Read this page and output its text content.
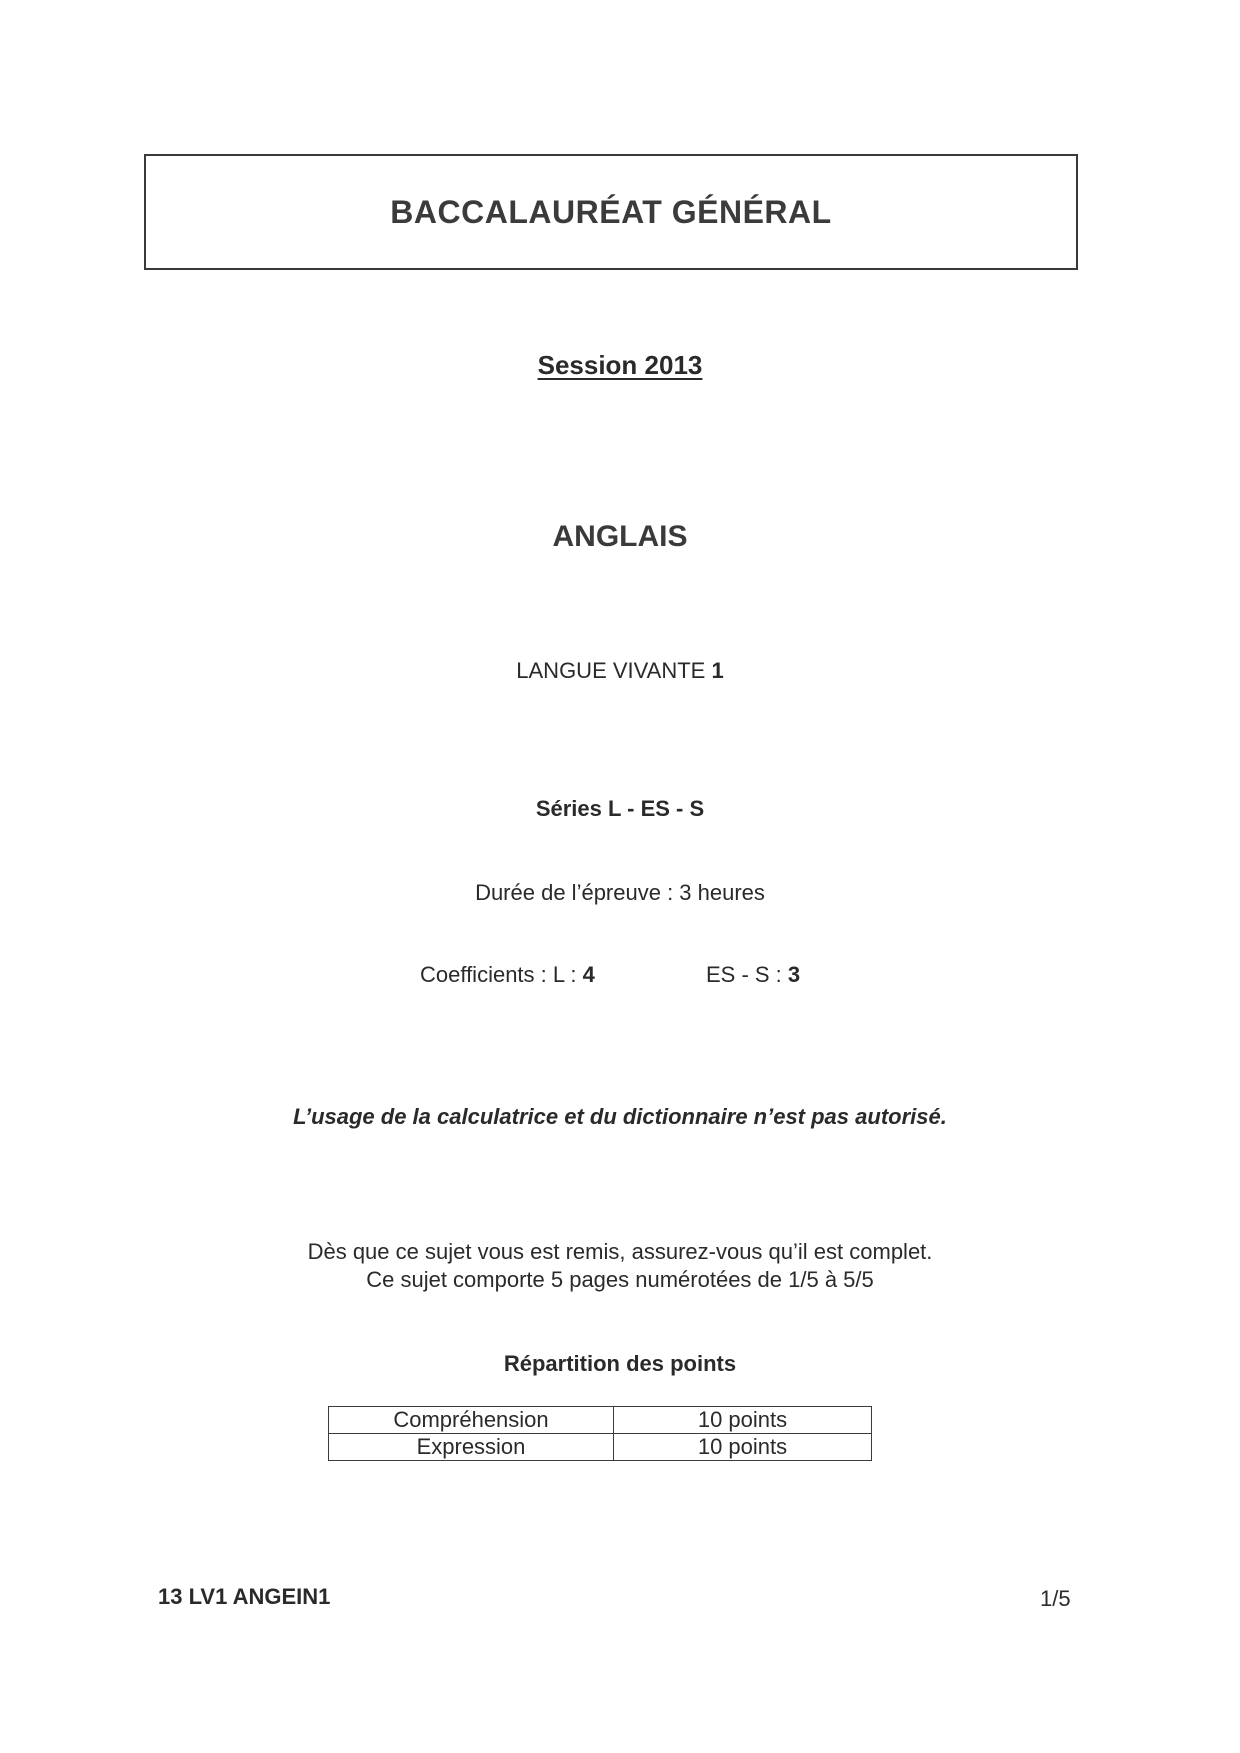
BACCALAURÉAT GÉNÉRAL
Session 2013
ANGLAIS
LANGUE VIVANTE 1
Séries L - ES - S
Durée de l’épreuve : 3 heures
Coefficients : L : 4	ES - S : 3
L’usage de la calculatrice et du dictionnaire n’est pas autorisé.
Dès que ce sujet vous est remis, assurez-vous qu’il est complet.
Ce sujet comporte 5 pages numérotées de 1/5 à 5/5
Répartition des points
Compréhension	10 points
Expression	10 points
13 LV1 ANGEIN1	1/5
